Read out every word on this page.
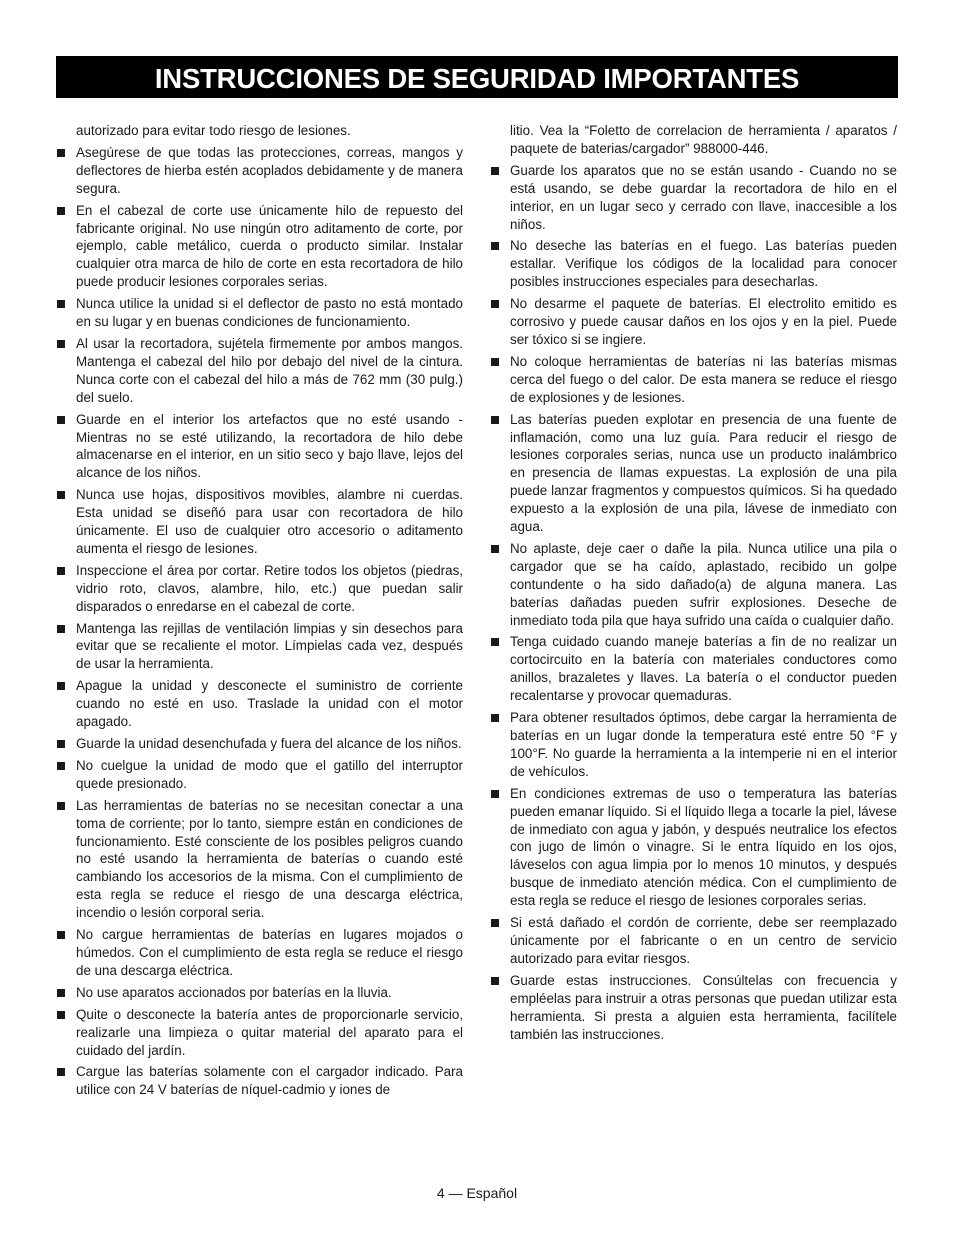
INSTRUCCIONES DE SEGURIDAD IMPORTANTES
autorizado para evitar todo riesgo de lesiones.
Asegúrese de que todas las protecciones, correas, mangos y deflectores de hierba estén acoplados debidamente y de manera segura.
En el cabezal de corte use únicamente hilo de repuesto del fabricante original. No use ningún otro aditamento de corte, por ejemplo, cable metálico, cuerda o producto similar. Instalar cualquier otra marca de hilo de corte en esta recortadora de hilo puede producir lesiones corporales serias.
Nunca utilice la unidad si el deflector de pasto no está montado en su lugar y en buenas condiciones de funcionamiento.
Al usar la recortadora, sujétela firmemente por ambos mangos. Mantenga el cabezal del hilo por debajo del nivel de la cintura. Nunca corte con el cabezal del hilo a más de 762 mm (30 pulg.) del suelo.
Guarde en el interior los artefactos que no esté usando - Mientras no se esté utilizando, la recortadora de hilo debe almacenarse en el interior, en un sitio seco y bajo llave, lejos del alcance de los niños.
Nunca use hojas, dispositivos movibles, alambre ni cuerdas. Esta unidad se diseñó para usar con recortadora de hilo únicamente. El uso de cualquier otro accesorio o aditamento aumenta el riesgo de lesiones.
Inspeccione el área por cortar. Retire todos los objetos (piedras, vidrio roto, clavos, alambre, hilo, etc.) que puedan salir disparados o enredarse en el cabezal de corte.
Mantenga las rejillas de ventilación limpias y sin desechos para evitar que se recaliente el motor. Límpielas cada vez, después de usar la herramienta.
Apague la unidad y desconecte el suministro de corriente cuando no esté en uso. Traslade la unidad con el motor apagado.
Guarde la unidad desenchufada y fuera del alcance de los niños.
No cuelgue la unidad de modo que el gatillo del interruptor quede presionado.
Las herramientas de baterías no se necesitan conectar a una toma de corriente; por lo tanto, siempre están en condiciones de funcionamiento. Esté consciente de los posibles peligros cuando no esté usando la herramienta de baterías o cuando esté cambiando los accesorios de la misma. Con el cumplimiento de esta regla se reduce el riesgo de una descarga eléctrica, incendio o lesión corporal seria.
No cargue herramientas de baterías en lugares mojados o húmedos. Con el cumplimiento de esta regla se reduce el riesgo de una descarga eléctrica.
No use aparatos accionados por baterías en la lluvia.
Quite o desconecte la batería antes de proporcionarle servicio, realizarle una limpieza o quitar material del aparato para el cuidado del jardín.
Cargue las baterías solamente con el cargador indicado. Para utilice con 24 V baterías de níquel-cadmio y iones de
litio. Vea la “Foletto de correlacion de herramienta / aparatos / paquete de baterias/cargador” 988000-446.
Guarde los aparatos que no se están usando - Cuando no se está usando, se debe guardar la recortadora de hilo en el interior, en un lugar seco y cerrado con llave, inaccesible a los niños.
No deseche las baterías en el fuego. Las baterías pueden estallar. Verifique los códigos de la localidad para conocer posibles instrucciones especiales para desecharlas.
No desarme el paquete de baterías. El electrolito emitido es corrosivo y puede causar daños en los ojos y en la piel. Puede ser tóxico si se ingiere.
No coloque herramientas de baterías ni las baterías mismas cerca del fuego o del calor. De esta manera se reduce el riesgo de explosiones y de lesiones.
Las baterías pueden explotar en presencia de una fuente de inflamación, como una luz guía. Para reducir el riesgo de lesiones corporales serias, nunca use un producto inalámbrico en presencia de llamas expuestas. La explosión de una pila puede lanzar fragmentos y compuestos químicos. Si ha quedado expuesto a la explosión de una pila, lávese de inmediato con agua.
No aplaste, deje caer o dañe la pila. Nunca utilice una pila o cargador que se ha caído, aplastado, recibido un golpe contundente o ha sido dañado(a) de alguna manera. Las baterías dañadas pueden sufrir explosiones. Deseche de inmediato toda pila que haya sufrido una caída o cualquier daño.
Tenga cuidado cuando maneje baterías a fin de no realizar un cortocircuito en la batería con materiales conductores como anillos, brazaletes y llaves. La batería o el conductor pueden recalentarse y provocar quemaduras.
Para obtener resultados óptimos, debe cargar la herramienta de baterías en un lugar donde la temperatura esté entre 50 °F y 100°F. No guarde la herramienta a la intemperie ni en el interior de vehículos.
En condiciones extremas de uso o temperatura las baterías pueden emanar líquido. Si el líquido llega a tocarle la piel, lávese de inmediato con agua y jabón, y después neutralice los efectos con jugo de limón o vinagre. Si le entra líquido en los ojos, láveselos con agua limpia por lo menos 10 minutos, y después busque de inmediato atención médica. Con el cumplimiento de esta regla se reduce el riesgo de lesiones corporales serias.
Si está dañado el cordón de corriente, debe ser reemplazado únicamente por el fabricante o en un centro de servicio autorizado para evitar riesgos.
Guarde estas instrucciones. Consúltelas con frecuencia y empléelas para instruir a otras personas que puedan utilizar esta herramienta. Si presta a alguien esta herramienta, facilítele también las instrucciones.
4 — Español
